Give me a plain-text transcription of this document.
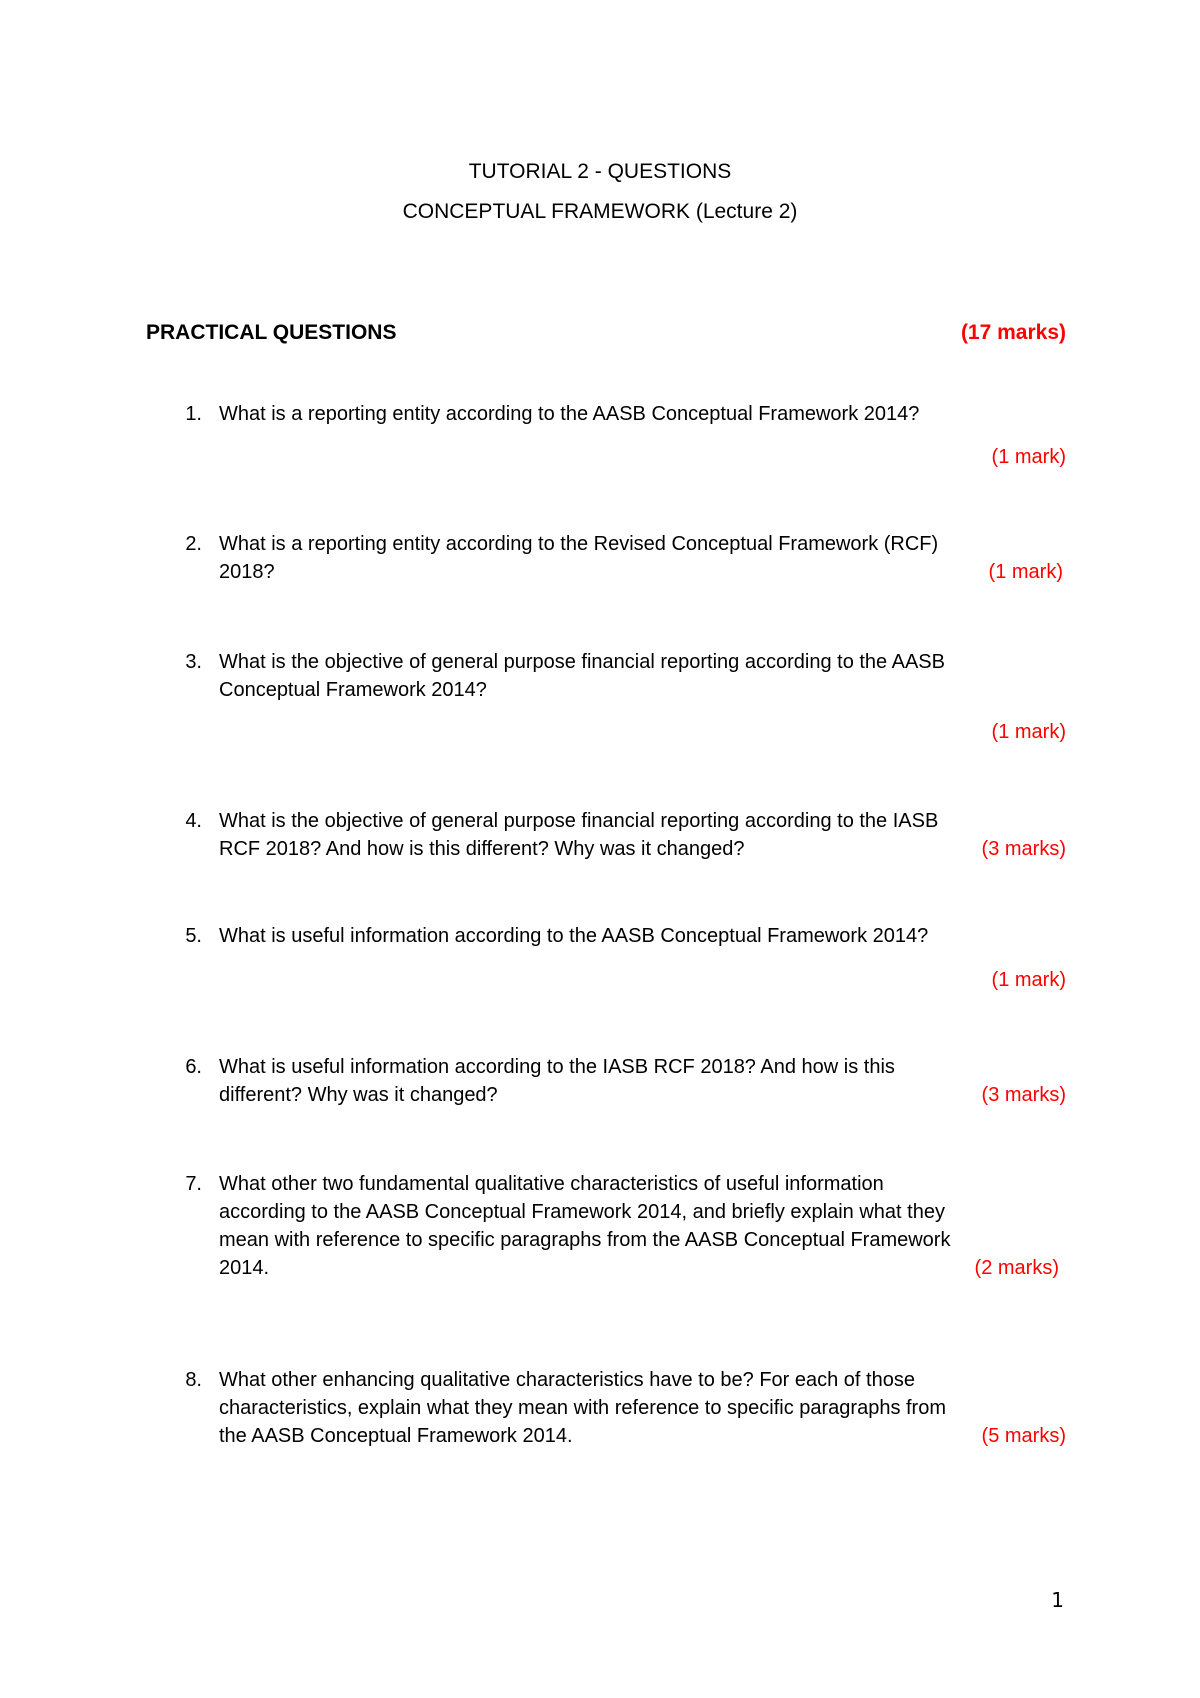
TUTORIAL 2 - QUESTIONS
CONCEPTUAL FRAMEWORK (Lecture 2)
PRACTICAL QUESTIONS	(17 marks)
1. What is a reporting entity according to the AASB Conceptual Framework 2014?
(1 mark)
2. What is a reporting entity according to the Revised Conceptual Framework (RCF)
2018?	(1 mark)
3. What is the objective of general purpose financial reporting according to the AASB
Conceptual Framework 2014?
(1 mark)
4. What is the objective of general purpose financial reporting according to the IASB
RCF 2018? And how is this different? Why was it changed?	(3 marks)
5. What is useful information according to the AASB Conceptual Framework 2014?
(1 mark)
6. What is useful information according to the IASB RCF 2018? And how is this
different? Why was it changed?	(3 marks)
7. What other two fundamental qualitative characteristics of useful information
according to the AASB Conceptual Framework 2014, and briefly explain what they
mean with reference to specific paragraphs from the AASB Conceptual Framework
2014.	(2 marks)
8. What other enhancing qualitative characteristics have to be? For each of those
characteristics, explain what they mean with reference to specific paragraphs from
the AASB Conceptual Framework 2014.	(5 marks)
1
